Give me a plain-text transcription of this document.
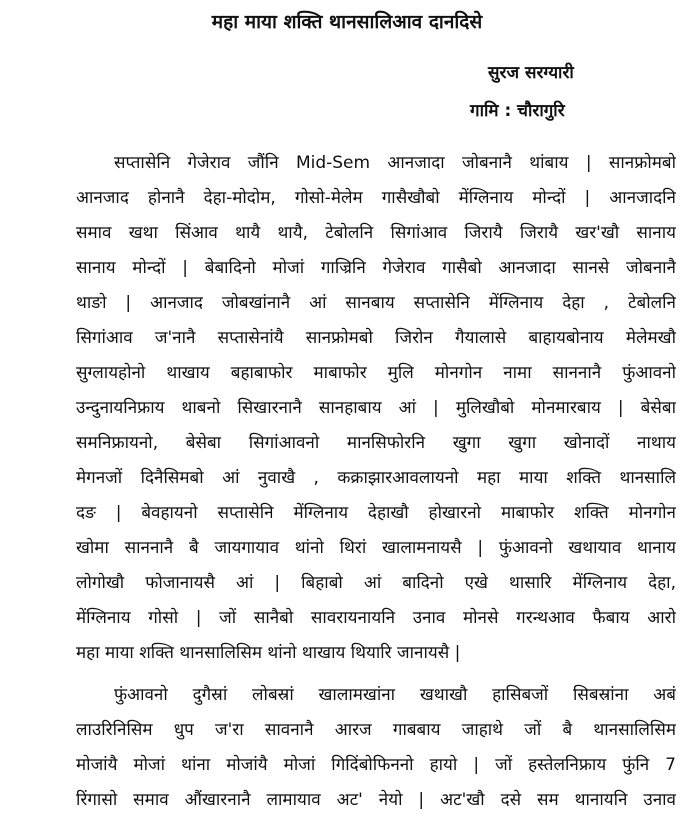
महा माया शक्ति थानसालिआव दानदिसे
सुरज सरग्यारी
गामि : चौरागुरि
सप्तासेनि गेजेराव जौंनि Mid-Sem आनजादा जोबनानै थांबाय | सानफ्रोमबो
आनजाद होनानै देहा-मोदोम, गोसो-मेलेम गासैखौबो मेंग्लिनाय मोन्दों | आनजादनि
समाव खथा सिंआव थायै थायै, टेबोलनि सिगांआव जिरायै जिरायै खर'खौ सानाय
सानाय मोन्दों | बेबादिनो मोजां गाज्रिनि गेजेराव गासैबो आनजादा सानसे जोबनानै
थाङो | आनजाद जोबखांनानै आं सानबाय सप्तासेनि मेंग्लिनाय देहा , टेबोलनि
सिगांआव ज'नानै सप्तासेनांयै सानफ्रोमबो जिरोन गैयालासे बाहायबोनाय मेलेमखौ
सुग्लायहोनो थाखाय बहाबाफोर माबाफोर मुलि मोनगोन नामा साननानै फुंआवनो
उन्दुनायनिफ्राय थाबनो सिखारनानै सानहाबाय आं | मुलिखौबो मोनमारबाय | बेसेबा
समनिफ्रायनो, बेसेबा सिगांआवनो मानसिफोरनि खुगा खुगा खोनादों नाथाय
मेगनजों दिनैसिमबो आं नुवाखै , कक्राझारआवलायनो महा माया शक्ति थानसालि
दङ | बेवहायनो सप्तासेनि मेंग्लिनाय देहाखौ होखारनो माबाफोर शक्ति मोनगोन
खोमा साननानै बै जायगायाव थांनो थिरां खालामनायसै | फुंआवनो खथायाव थानाय
लोगोखौ फोजानायसै आं | बिहाबो आं बादिनो एखे थासारि मेंग्लिनाय देहा,
मेंग्लिनाय गोसो | जों सानैबो सावरायनायनि उनाव मोनसे गरन्थआव फैबाय आरो
महा माया शक्ति थानसालिसिम थांनो थाखाय थियारि जानायसै |
फुंआवनो दुगैस्रां लोबस्रां खालामखांना खथाखौ हासिबजों सिबस्रांना अबं
लाउरिनिसिम धुप ज'रा सावनानै आरज गाबबाय जाहाथे जों बै थानसालिसिम
मोजांयै मोजां थांना मोजांयै मोजां गिदिंबोफिननो हायो | जों हस्तेलनिफ्राय फुंनि 7
रिंगासो समाव औंखारनानै लामायाव अट' नेयो | अट'खौ दसे सम थानायनि उनाव
